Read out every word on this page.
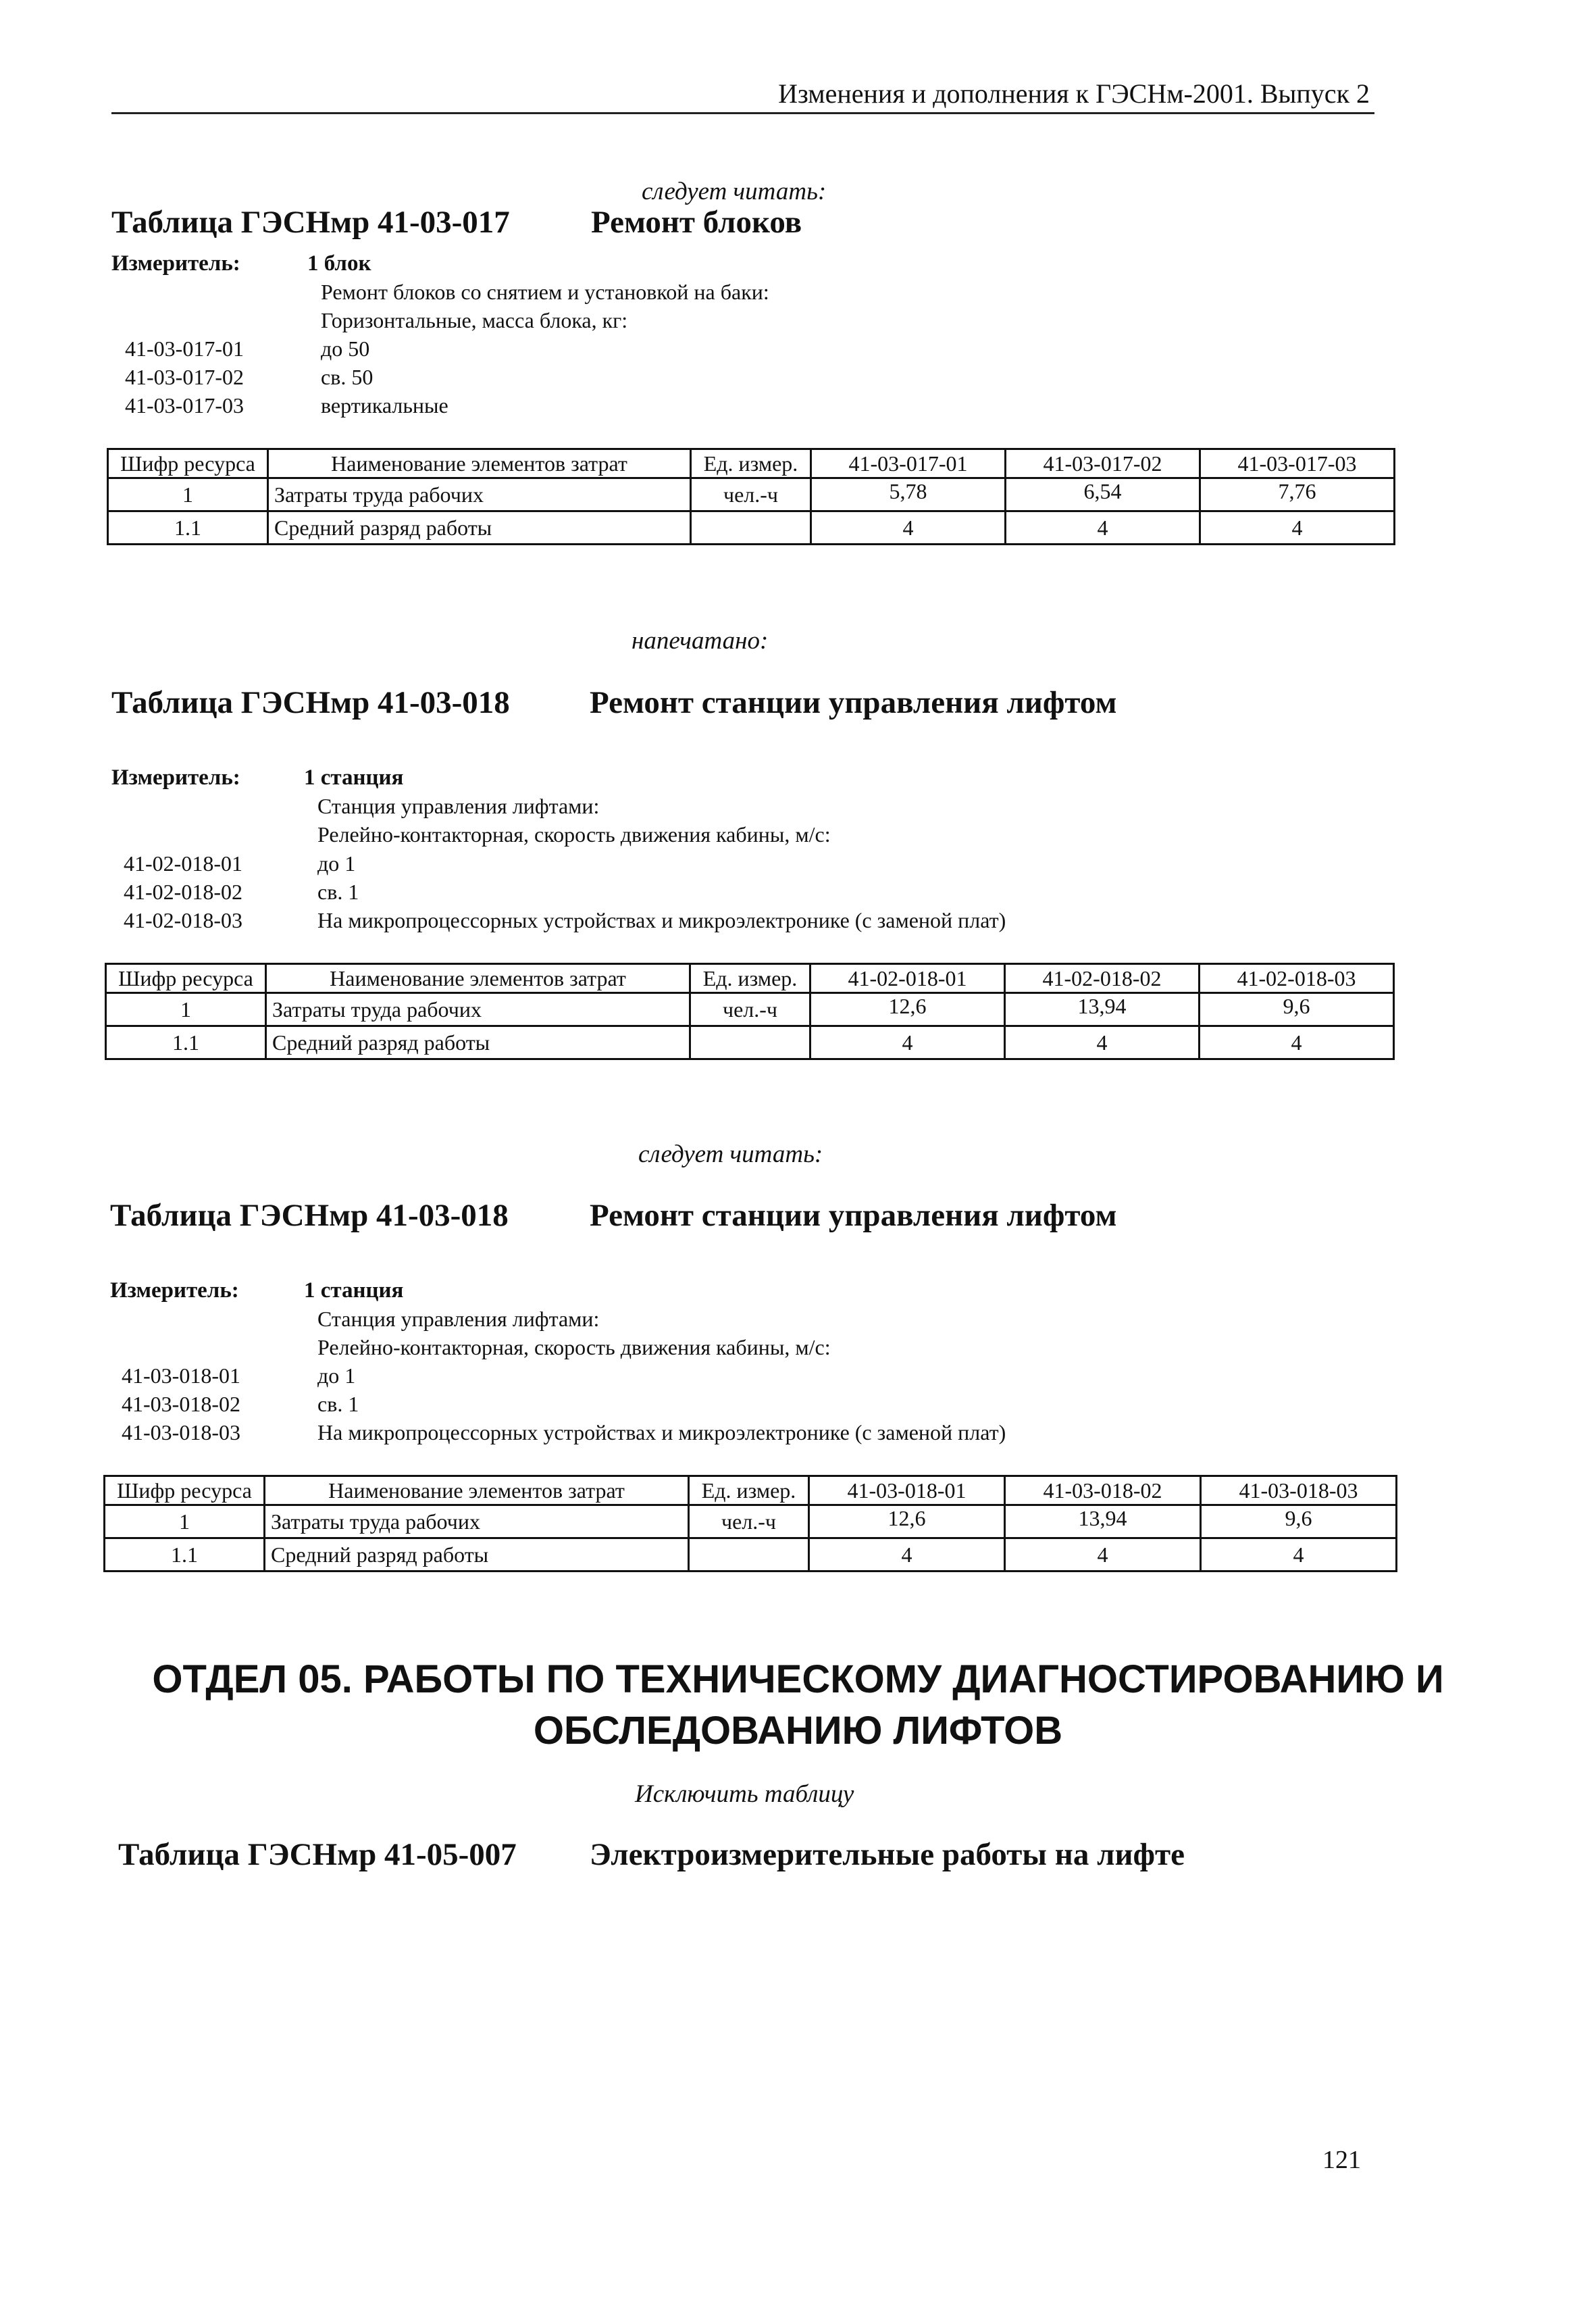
Изменения и дополнения к ГЭСНм-2001. Выпуск 2
следует читать:
Таблица ГЭСНмр 41-03-017	Ремонт блоков
Измеритель:	1 блок
Ремонт блоков со снятием и установкой на баки:
Горизонтальные, масса блока, кг:
41-03-017-01	до 50
41-03-017-02	св. 50
41-03-017-03	вертикальные
Шифр ресурса	Наименование элементов затрат	Ед. измер.	41-03-017-01	41-03-017-02	41-03-017-03
1	Затраты труда рабочих	чел.-ч	5,78	6,54	7,76
1.1	Средний разряд работы		4	4	4
напечатано:
Таблица ГЭСНмр 41-03-018	Ремонт станции управления лифтом
Измеритель:	1 станция
Станция управления лифтами:
Релейно-контакторная, скорость движения кабины, м/с:
41-02-018-01	до 1
41-02-018-02	св. 1
41-02-018-03	На микропроцессорных устройствах и микроэлектронике (с заменой плат)
Шифр ресурса	Наименование элементов затрат	Ед. измер.	41-02-018-01	41-02-018-02	41-02-018-03
1	Затраты труда рабочих	чел.-ч	12,6	13,94	9,6
1.1	Средний разряд работы		4	4	4
следует читать:
Таблица ГЭСНмр 41-03-018	Ремонт станции управления лифтом
Измеритель:	1 станция
Станция управления лифтами:
Релейно-контакторная, скорость движения кабины, м/с:
41-03-018-01	до 1
41-03-018-02	св. 1
41-03-018-03	На микропроцессорных устройствах и микроэлектронике (с заменой плат)
Шифр ресурса	Наименование элементов затрат	Ед. измер.	41-03-018-01	41-03-018-02	41-03-018-03
1	Затраты труда рабочих	чел.-ч	12,6	13,94	9,6
1.1	Средний разряд работы		4	4	4
ОТДЕЛ 05. РАБОТЫ ПО ТЕХНИЧЕСКОМУ ДИАГНОСТИРОВАНИЮ И
ОБСЛЕДОВАНИЮ ЛИФТОВ
Исключить таблицу
Таблица ГЭСНмр 41-05-007 Электроизмерительные работы на лифте
121
